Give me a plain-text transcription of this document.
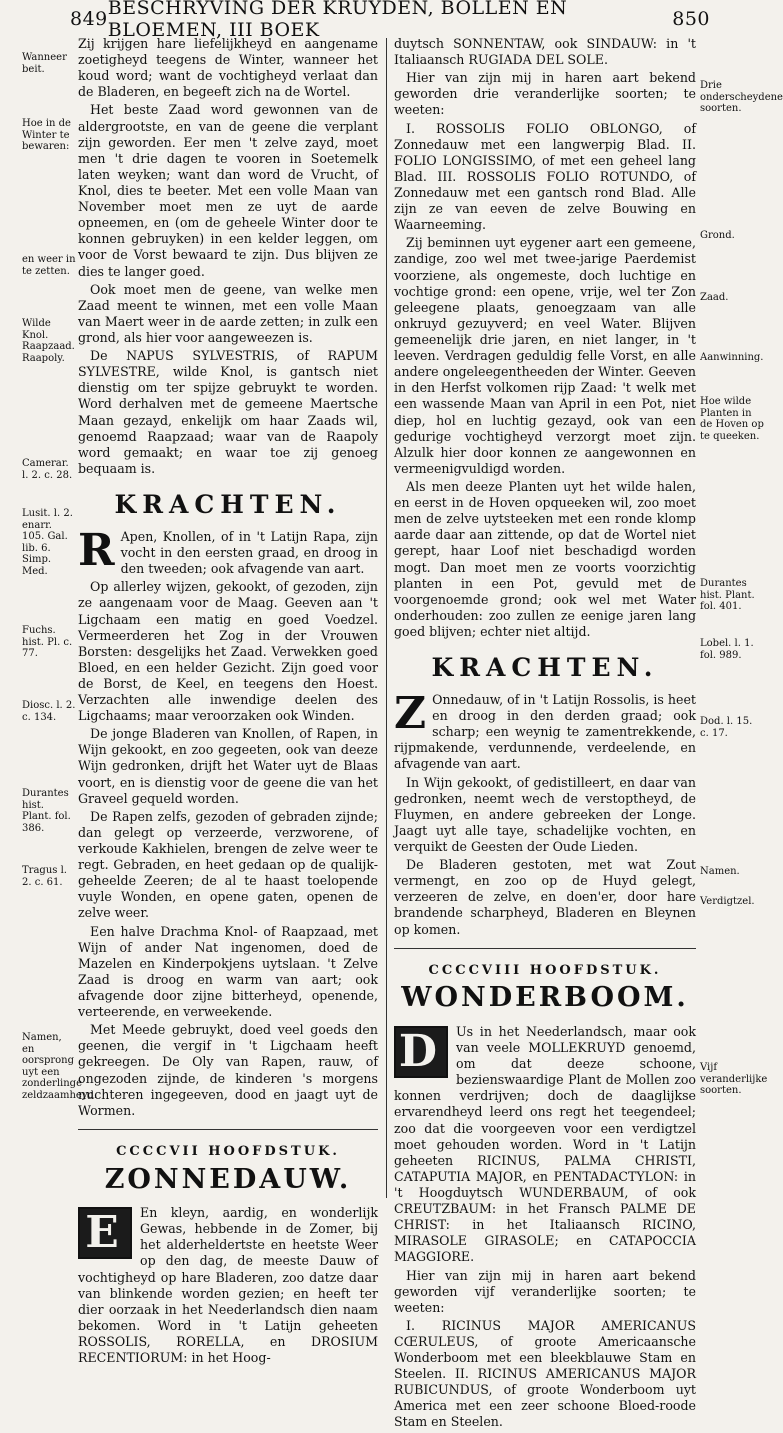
849 BESCHRYVING DER KRUYDEN, BOLLEN EN BLOEMEN, III BOEK	850
Wanneer beit.
Hoe in de Winter te bewaren:
en weer in te zetten.
Wilde Knol. Raapzaad. Raapoly.
Camerar. l. 2. c. 28.
Lusit. l. 2. enarr. 105. Gal. lib. 6. Simp. Med.
Fuchs. hist. Pl. c. 77.
Diosc. l. 2. c. 134.
Durantes hist. Plant. fol. 386.
Tragus l. 2. c. 61.
Namen, en oorsprong uyt een zonderlinge zeldzaamheyd.
Drie onderscheydene soorten.
Grond.
Zaad.
Aanwinning.
Hoe wilde Planten in de Hoven op te queeken.
Durantes hist. Plant. fol. 401.
Lobel. l. 1. fol. 989.
Dod. l. 15. c. 17.
Namen.
Verdigtzel.
Vijf veranderlijke soorten.

Zij krijgen hare liefelijkheyd en aangename zoetigheyd teegens de Winter, wanneer het koud word; want de vochtigheyd verlaat dan de Bladeren, en begeeft zich na de Wortel.

Het beste Zaad word gewonnen van de aldergrootste, en van de geene die verplant zijn geworden. Eer men 't zelve zayd, moet men 't drie dagen te vooren in Soetemelk laten weyken; want dan word de Vrucht, of Knol, dies te beeter. Met een volle Maan van November moet men ze uyt de aarde opneemen, en (om de geheele Winter door te konnen gebruyken) in een kelder leggen, om voor de Vorst bewaard te zijn. Dus blijven ze dies te langer goed.

Ook moet men de geene, van welke men Zaad meent te winnen, met een volle Maan van Maert weer in de aarde zetten; in zulk een grond, als hier voor aangeweezen is.

De NAPUS SYLVESTRIS, of RAPUM SYLVESTRE, wilde Knol, is gantsch niet dienstig om ter spijze gebruykt te worden. Word derhalven met de gemeene Maertsche Maan gezayd, enkelijk om haar Zaads wil, genoemd Raapzaad; waar van de Raapoly word gemaakt; en waar toe zij genoeg bequaam is.

KRACHTEN.

R Apen, Knollen, of in 't Latijn Rapa, zijn vocht in den eersten graad, en droog in den tweeden; ook afvagende van aart.

Op allerley wijzen, gekookt, of gezoden, zijn ze aangenaam voor de Maag. Geeven aan 't Ligchaam een matig en goed Voedzel. Vermeerderen het Zog in der Vrouwen Borsten: desgelijks het Zaad. Verwekken goed Bloed, en een helder Gezicht. Zijn goed voor de Borst, de Keel, en teegens den Hoest. Verzachten alle inwendige deelen des Ligchaams; maar veroorzaken ook Winden.

De jonge Bladeren van Knollen, of Rapen, in Wijn gekookt, en zoo gegeeten, ook van deeze Wijn gedronken, drijft het Water uyt de Blaas voort, en is dienstig voor de geene die van het Graveel gequeld worden.

De Rapen zelfs, gezoden of gebraden zijnde; dan gelegt op verzeerde, verzworene, of verkoude Kakhielen, brengen de zelve weer te regt. Gebraden, en heet gedaan op de qualijk-geheelde Zeeren; de al te haast toelopende vuyle Wonden, en opene gaten, openen de zelve weer.

Een halve Drachma Knol- of Raapzaad, met Wijn of ander Nat ingenomen, doed de Mazelen en Kinderpokjens uytslaan. 't Zelve Zaad is droog en warm van aart; ook afvagende door zijne bitterheyd, openende, verteerende, en verweekende.

Met Meede gebruykt, doed veel goeds den geenen, die vergif in 't Ligchaam heeft gekreegen. De Oly van Rapen, rauw, of ongezoden zijnde, de kinderen 's morgens nuchteren ingegeeven, dood en jaagt uyt de Wormen.

CCCCVII HOOFDSTUK.
ZONNEDAUW.

E	En kleyn, aardig, en wonderlijk Gewas, hebbende in de Zomer, bij het alderheldertste en heetste Weer op den dag, de meeste Dauw of vochtigheyd op hare Bladeren, zoo datze daar van blinkende worden gezien; en heeft ter dier oorzaak in het Neederlandsch dien naam bekomen. Word in 't Latijn geheeten ROSSOLIS, RORELLA, en DROSIUM RECENTIORUM: in het Hoog-

duytsch SONNENTAW, ook SINDAUW: in 't Italiaansch RUGIADA DEL SOLE.

Hier van zijn mij in haren aart bekend geworden drie veranderlijke soorten; te weeten:

I. ROSSOLIS FOLIO OBLONGO, of Zonnedauw met een langwerpig Blad. II. FOLIO LONGISSIMO, of met een geheel lang Blad. III. ROSSOLIS FOLIO ROTUNDO, of Zonnedauw met een gantsch rond Blad. Alle zijn ze van eeven de zelve Bouwing en Waarneeming.

Zij beminnen uyt eygener aart een gemeene, zandige, zoo wel met twee-jarige Paerdemist voorziene, als ongemeste, doch luchtige en vochtige grond: een opene, vrije, wel ter Zon geleegene plaats, genoegzaam van alle onkruyd gezuyverd; en veel Water. Blijven gemeenelijk drie jaren, en niet langer, in 't leeven. Verdragen geduldig felle Vorst, en alle andere ongeleegentheeden der Winter. Geeven in den Herfst volkomen rijp Zaad: 't welk met een wassende Maan van April in een Pot, niet diep, hol en luchtig gezayd, ook van een gedurige vochtigheyd verzorgt moet zijn. Alzulk hier door konnen ze aangewonnen en vermeenigvuldigd worden.

Als men deeze Planten uyt het wilde halen, en eerst in de Hoven opqueeken wil, zoo moet men de zelve uytsteeken met een ronde klomp aarde daar aan zittende, op dat de Wortel niet gerept, haar Loof niet beschadigd worden mogt. Dan moet men ze voorts voorzichtig planten in een Pot, gevuld met de voorgenoemde grond; ook wel met Water onderhouden: zoo zullen ze eenige jaren lang goed blijven; echter niet altijd.

KRACHTEN.

Z Onnedauw, of in 't Latijn Rossolis, is heet en droog in den derden graad; ook scharp; een weynig te zamentrekkende, rijpmakende, verdunnende, verdeelende, en afvagende van aart.

In Wijn gekookt, of gedistilleert, en daar van gedronken, neemt wech de verstoptheyd, de Fluymen, en andere gebreeken der Longe. Jaagt uyt alle taye, schadelijke vochten, en verquikt de Geesten der Oude Lieden.

De Bladeren gestoten, met wat Zout vermengt, en zoo op de Huyd gelegt, verzeeren de zelve, en doen'er, door hare brandende scharpheyd, Bladeren en Bleynen op komen.

CCCCVIII HOOFDSTUK.
WONDERBOOM.

D	Us in het Neederlandsch, maar ook van veele MOLLEKRUYD genoemd, om dat deeze schoone, bezienswaardige Plant de Mollen zoo konnen verdrijven; doch de daaglijkse ervarendheyd leerd ons regt het teegendeel; zoo dat die voorgeeven voor een verdigtzel moet gehouden worden. Word in 't Latijn geheeten RICINUS, PALMA CHRISTI, CATAPUTIA MAJOR, en PENTADACTYLON: in 't Hoogduytsch WUNDERBAUM, of ook CREUTZBAUM: in het Fransch PALME DE CHRIST: in het Italiaansch RICINO, MIRASOLE GIRASOLE; en CATAPOCCIA MAGGIORE.

Hier van zijn mij in haren aart bekend geworden vijf veranderlijke soorten; te weeten:

I. RICINUS MAJOR AMERICANUS CŒRULEUS, of groote Americaansche Wonderboom met een bleekblauwe Stam en Steelen. II. RICINUS AMERICANUS MAJOR RUBICUNDUS, of groote Wonderboom uyt America met een zeer schoone Bloed-roode Stam en Steelen.
